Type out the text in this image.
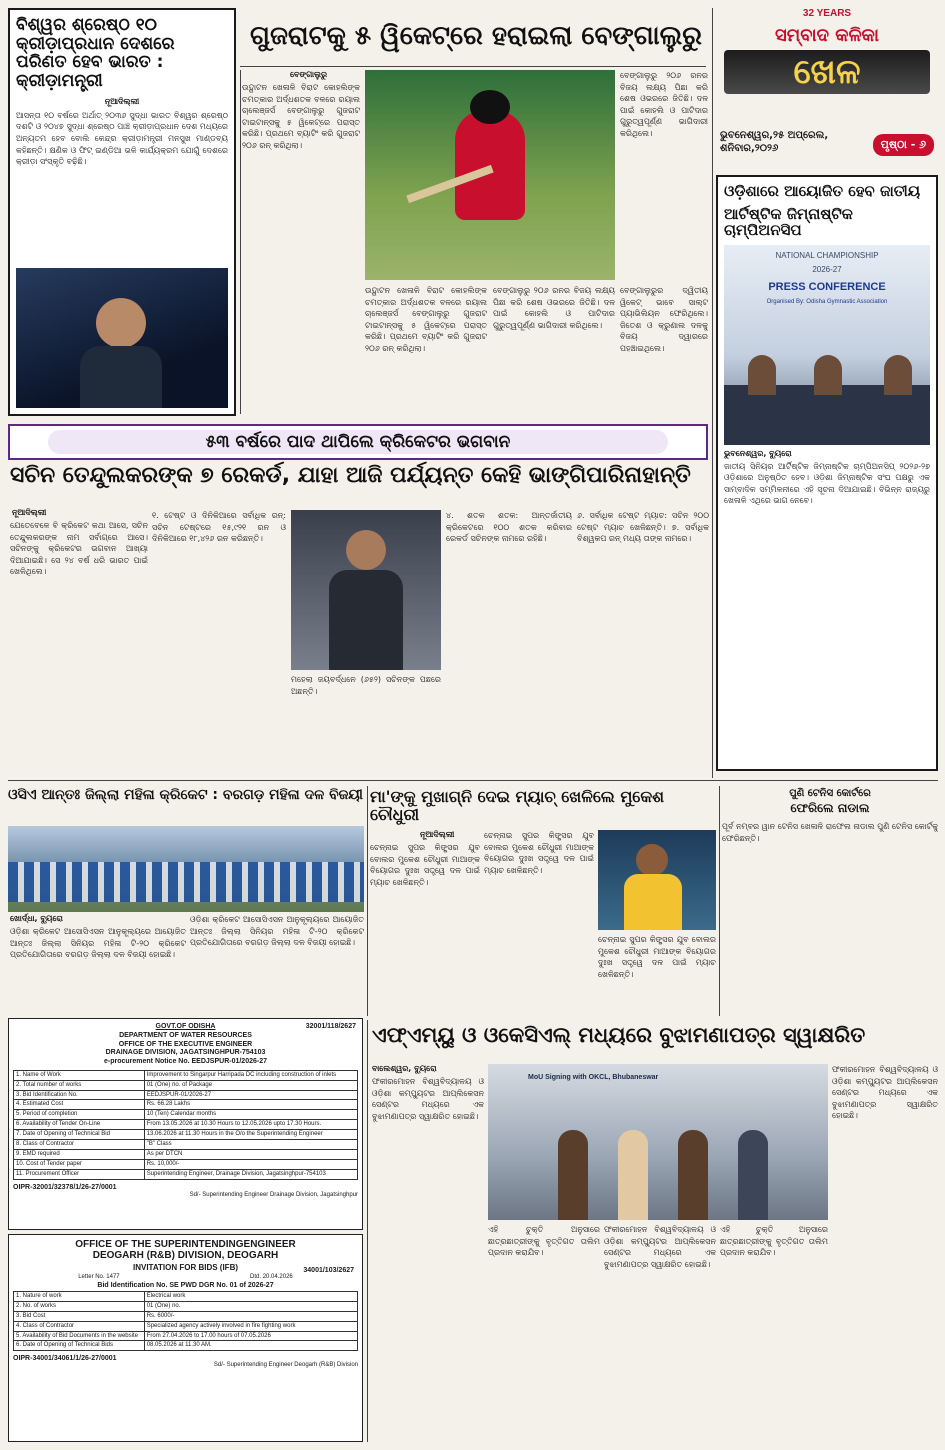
ବିଶ୍ୱର ଶ୍ରେଷ୍ଠ ୧୦ କ୍ରୀଡ଼ାପ୍ରଧାନ ଦେଶରେ ପରିଣତ ହେବ ଭାରତ : କ୍ରୀଡ଼ାମନ୍ତ୍ରୀ
ନୂଆଦିଲ୍ଲୀ
ଆସନ୍ତା ୧୦ ବର୍ଷରେ ଅର୍ଥାତ୍ ୨୦୩୬ ସୁଦ୍ଧା ଭାରତ ବିଶ୍ୱର ଶ୍ରେଷ୍ଠ ଦଶଟି ଓ ୨୦୪୭ ସୁଦ୍ଧା ଶ୍ରେଷ୍ଠ ପାଞ୍ଚ କ୍ରୀଡ଼ାପ୍ରଧାନ ଦେଶ ମଧ୍ୟରେ ଅନ୍ୟତମ ହେବ ବୋଲି କେନ୍ଦ୍ର କ୍ରୀଡ଼ାମନ୍ତ୍ରୀ ମନସୁଖ ମାଣ୍ଡବ୍ୟ କହିଛନ୍ତି। କ୍ଷଣିକ ଓ ଫିଟ୍ ଇଣ୍ଡିଆ ଭଳି କାର୍ଯ୍ୟକ୍ରମ ଯୋଗୁଁ ଦେଶରେ କ୍ରୀଡ଼ା ସଂସ୍କୃତି ବଢ଼ିଛି।
ଗୁଜରାଟକୁ ୫ ୱିକେଟ୍‌ରେ ହରାଇଲା ବେଙ୍ଗାଲୁରୁ
ବେଙ୍ଗାଲୁରୁ
ଉଦ୍ଘାଟନ ଖେଳାଳି ବିରାଟ କୋହଲିଙ୍କ ଚମତ୍କାର ଅର୍ଦ୍ଧଶତକ ବଳରେ ରୟାଲ ଚାଲେଞ୍ଜର୍ସ ବେଙ୍ଗାଲୁରୁ ଗୁଜରାଟ ଟାଇଟାନ୍ସକୁ ୫ ୱିକେଟ୍‌ରେ ପରାସ୍ତ କରିଛି। ପ୍ରଥମେ ବ୍ୟାଟିଂ କରି ଗୁଜରାଟ ୨୦୬ ରନ୍ କରିଥିଲା।
ବେଙ୍ଗାଲୁରୁ ୨୦୬ ରନର ବିଜୟ ଲକ୍ଷ୍ୟ ପିଛା କରି ଶେଷ ଓଭରରେ ଜିତିଛି। ଦଳ ପାଇଁ କୋହଲି ଓ ପାଟିଦାର ଗୁରୁତ୍ୱପୂର୍ଣ୍ଣ ଭାଗିଦାରୀ କରିଥିଲେ।
ବେଙ୍ଗାଲୁରୁର ଦ୍ୱିତୀୟ ୱିକେଟ୍ ଭାବେ ସାଲ୍ଟ ପ୍ୟାଭିଲିୟନ ଫେରିଥିଲେ। ଜିତେଶ ଓ କ୍ରୁଣାଲ ଦଳକୁ ବିଜୟ ଦ୍ୱାରରେ ପହଞ୍ଚାଇଥିଲେ।
ଉଦ୍ଘାଟନ ଖେଳାଳି ବିରାଟ କୋହଲିଙ୍କ ଚମତ୍କାର ଅର୍ଦ୍ଧଶତକ ବଳରେ ରୟାଲ ଚାଲେଞ୍ଜର୍ସ ବେଙ୍ଗାଲୁରୁ ଗୁଜରାଟ ଟାଇଟାନ୍ସକୁ ୫ ୱିକେଟ୍‌ରେ ପରାସ୍ତ କରିଛି। ପ୍ରଥମେ ବ୍ୟାଟିଂ କରି ଗୁଜରାଟ ୨୦୬ ରନ୍ କରିଥିଲା।
ବେଙ୍ଗାଲୁରୁ ୨୦୬ ରନର ବିଜୟ ଲକ୍ଷ୍ୟ ପିଛା କରି ଶେଷ ଓଭରରେ ଜିତିଛି। ଦଳ ପାଇଁ କୋହଲି ଓ ପାଟିଦାର ଗୁରୁତ୍ୱପୂର୍ଣ୍ଣ ଭାଗିଦାରୀ କରିଥିଲେ।
32 YEARS
ସମ୍ବାଦ କଳିକା
ଖେଳ
ଭୁବନେଶ୍ୱର,୨୫ ଅପ୍ରେଲ,
ଶନିବାର,୨୦୨୬	ପୃଷ୍ଠା - ୬
ଓଡ଼ିଶାରେ ଆୟୋଜିତ ହେବ ଜାତୀୟ
ଆର୍ଟିଷ୍ଟିକ ଜିମ୍ନାଷ୍ଟିକ ଚାମ୍ପିଅନସିପ
NATIONAL CHAMPIONSHIP
2026-27
PRESS CONFERENCE
Organised By: Odisha Gymnastic Association
ଭୁବନେଶ୍ୱର, ବ୍ୟୁରୋ
ଜାତୀୟ ସିନିୟର ଆର୍ଟିଷ୍ଟିକ ଜିମ୍ନାଷ୍ଟିକ ଚାମ୍ପିଅନସିପ୍ ୨୦୨୬-୨୭ ଓଡ଼ିଶାରେ ଅନୁଷ୍ଠିତ ହେବ। ଓଡ଼ିଶା ଜିମ୍ନାଷ୍ଟିକ ସଂଘ ପକ୍ଷରୁ ଏକ ସାମ୍ବାଦିକ ସମ୍ମିଳନୀରେ ଏହି ସୂଚନା ଦିଆଯାଇଛି। ବିଭିନ୍ନ ରାଜ୍ୟରୁ ଖେଳାଳି ଏଥିରେ ଭାଗ ନେବେ।
୫୩ ବର୍ଷରେ ପାଦ ଥାପିଲେ କ୍ରିକେଟର ଭଗବାନ
ସଚିନ ତେନ୍ଦୁଲକରଙ୍କ ୭ ରେକର୍ଡ, ଯାହା ଆଜି ପର୍ଯ୍ୟନ୍ତ କେହି ଭାଙ୍ଗିପାରିନାହାନ୍ତି
ନୂଆଦିଲ୍ଲୀ
ଯେତେବେଳେ ବି କ୍ରିକେଟ କଥା ଆସେ, ସଚିନ ତେନ୍ଦୁଲକରଙ୍କ ନାମ ସର୍ବାଗ୍ରେ ଆସେ। ସଚିନଙ୍କୁ କ୍ରିକେଟର ଭଗବାନ ଆଖ୍ୟା ଦିଆଯାଇଛି। ସେ ୨୪ ବର୍ଷ ଧରି ଭାରତ ପାଇଁ ଖେଳିଥିଲେ।
୧. ଟେଷ୍ଟ ଓ ଦିନିକିଆରେ ସର୍ବାଧିକ ରନ୍: ସଚିନ ଟେଷ୍ଟରେ ୧୫,୯୨୧ ରନ ଓ ଦିନିକିଆରେ ୧୮,୪୨୬ ରନ କରିଛନ୍ତି।
ମହେଲା ଜୟବର୍ଦ୍ଧନେ (୬୫୨) ସଚିନଙ୍କ ପଛରେ ଅଛନ୍ତି।
୪. ଶତକ ଶତକ: ଆନ୍ତର୍ଜାତୀୟ କ୍ରିକେଟରେ ୧୦୦ ଶତକ କରିବାର ରେକର୍ଡ ସଚିନଙ୍କ ନାମରେ ରହିଛି।
୬. ସର୍ବାଧିକ ଟେଷ୍ଟ ମ୍ୟାଚ: ସଚିନ ୨୦୦ ଟେଷ୍ଟ ମ୍ୟାଚ ଖେଳିଛନ୍ତି। ୭. ସର୍ବାଧିକ ବିଶ୍ୱକପ ରନ୍ ମଧ୍ୟ ତାଙ୍କ ନାମରେ।
ଓସିଏ ଆନ୍ତଃ ଜିଲ୍ଲା ମହିଳା କ୍ରିକେଟ : ବରଗଡ଼ ମହିଳା ଦଳ ବିଜୟୀ
ଖୋର୍ଦ୍ଧା, ବ୍ୟୁରୋ
ଓଡ଼ିଶା କ୍ରିକେଟ ଆସୋସିଏସନ ଆନୁକୂଲ୍ୟରେ ଆୟୋଜିତ ଆନ୍ତଃ ଜିଲ୍ଲା ସିନିୟର ମହିଳା ଟି-୨୦ କ୍ରିକେଟ ପ୍ରତିଯୋଗିତାରେ ବରଗଡ଼ ଜିଲ୍ଲା ଦଳ ବିଜୟୀ ହୋଇଛି।
ଓଡ଼ିଶା କ୍ରିକେଟ ଆସୋସିଏସନ ଆନୁକୂଲ୍ୟରେ ଆୟୋଜିତ ଆନ୍ତଃ ଜିଲ୍ଲା ସିନିୟର ମହିଳା ଟି-୨୦ କ୍ରିକେଟ ପ୍ରତିଯୋଗିତାରେ ବରଗଡ଼ ଜିଲ୍ଲା ଦଳ ବିଜୟୀ ହୋଇଛି।
ମା'ଙ୍କୁ ମୁଖାଗ୍ନି ଦେଇ ମ୍ୟାଚ୍ ଖେଳିଲେ ମୁକେଶ ଚୌଧୁରୀ
ନୂଆଦିଲ୍ଲୀ
ଚେନ୍ନାଇ ସୁପର କିଙ୍ଗ୍ସର ଯୁବ ବୋଲର ମୁକେଶ ଚୌଧୁରୀ ମାଆଙ୍କ ବିୟୋଗର ଦୁଃଖ ସତ୍ତ୍ୱେ ଦଳ ପାଇଁ ମ୍ୟାଚ ଖେଳିଛନ୍ତି।
ଚେନ୍ନାଇ ସୁପର କିଙ୍ଗ୍ସର ଯୁବ ବୋଲର ମୁକେଶ ଚୌଧୁରୀ ମାଆଙ୍କ ବିୟୋଗର ଦୁଃଖ ସତ୍ତ୍ୱେ ଦଳ ପାଇଁ ମ୍ୟାଚ ଖେଳିଛନ୍ତି।
ଚେନ୍ନାଇ ସୁପର କିଙ୍ଗ୍ସର ଯୁବ ବୋଲର ମୁକେଶ ଚୌଧୁରୀ ମାଆଙ୍କ ବିୟୋଗର ଦୁଃଖ ସତ୍ତ୍ୱେ ଦଳ ପାଇଁ ମ୍ୟାଚ ଖେଳିଛନ୍ତି।
ପୁଣି ଟେନିସ କୋର୍ଟରେ
ଫେରିଲେ ନାଡାଲ
ପୂର୍ବ ନମ୍ବର ୱାନ ଟେନିସ ଖେଳାଳି ରାଫେଲ ନାଡାଲ ପୁଣି ଟେନିସ କୋର୍ଟକୁ ଫେରିଛନ୍ତି।
32001/118/2627
GOVT.OF ODISHA
DEPARTMENT OF WATER RESOURCES
OFFICE OF THE EXECUTIVE ENGINEER
DRAINAGE DIVISION, JAGATSINGHPUR-754103
e-procurement Notice No. EEDJSPUR-01/2026-27
1. Name of Work	Improvement to Singarpur Harripada DC including construction of inlets
2. Total number of works	01 (One) no. of Package
3. Bid Identification No.	EEDJSPUR-01/2026-27
4. Estimated Cost	Rs. 66.28 Lakhs
5. Period of completion	10 (Ten) Calendar months
6. Availability of Tender On-Line	From 13.05.2026 at 10.30 Hours to 12.05.2026 upto 17.30 Hours.
7. Date of Opening of Technical Bid	13.06.2026 at 11.30 Hours in the O/o the Superintending Engineer
8. Class of Contractor	"B" Class
9. EMD required	As per DTCN
10. Cost of Tender paper	Rs. 10,000/-
11. Procurement Officer	Superintending Engineer, Drainage Division, Jagatsinghpur-754103
OIPR-32001/32378/1/26-27/0001
Sd/- Superintending Engineer Drainage Division, Jagatsinghpur
OFFICE OF THE SUPERINTENDINGENGINEER
DEOGARH (R&B) DIVISION, DEOGARH
INVITATION FOR BIDS (IFB)	34001/103/2627
Letter No. 1477	Dtd. 20.04.2026
Bid Identification No. SE PWD DGR No. 01 of 2026-27
1. Nature of work	Electrical work
2. No. of works	01 (One) no.
3. Bid Cost	Rs. 6000/-
4. Class of Contractor	Specialized agency actively involved in fire fighting work
5. Availability of Bid Documents in the website	From 27.04.2026 to 17.00 hours of 07.05.2026
6. Date of Opening of Technical Bids	08.05.2026 at 11.30 AM.
OIPR-34001/34061/1/26-27/0001
Sd/- Superintending Engineer Deogarh (R&B) Division
ଏଫ୍‌ଏମ୍‌ୟୁ ଓ ଓକେସିଏଲ୍ ମଧ୍ୟରେ ବୁଝାମଣାପତ୍ର ସ୍ୱାକ୍ଷରିତ
ବାଲେଶ୍ୱର, ବ୍ୟୁରୋ
ଫକୀରମୋହନ ବିଶ୍ୱବିଦ୍ୟାଳୟ ଓ ଓଡ଼ିଶା କମ୍ପ୍ୟୁଟର ଆପ୍ଲିକେସନ ସେଣ୍ଟର ମଧ୍ୟରେ ଏକ ବୁଝାମଣାପତ୍ର ସ୍ୱାକ୍ଷରିତ ହୋଇଛି।
MoU Signing with OKCL, Bhubaneswar
ଏହି ଚୁକ୍ତି ଅନୁସାରେ ଛାତ୍ରଛାତ୍ରୀଙ୍କୁ ବୃତ୍ତିଗତ ତାଲିମ ପ୍ରଦାନ କରାଯିବ।
ଫକୀରମୋହନ ବିଶ୍ୱବିଦ୍ୟାଳୟ ଓ ଓଡ଼ିଶା କମ୍ପ୍ୟୁଟର ଆପ୍ଲିକେସନ ସେଣ୍ଟର ମଧ୍ୟରେ ଏକ ବୁଝାମଣାପତ୍ର ସ୍ୱାକ୍ଷରିତ ହୋଇଛି।
ଏହି ଚୁକ୍ତି ଅନୁସାରେ ଛାତ୍ରଛାତ୍ରୀଙ୍କୁ ବୃତ୍ତିଗତ ତାଲିମ ପ୍ରଦାନ କରାଯିବ।
ଫକୀରମୋହନ ବିଶ୍ୱବିଦ୍ୟାଳୟ ଓ ଓଡ଼ିଶା କମ୍ପ୍ୟୁଟର ଆପ୍ଲିକେସନ ସେଣ୍ଟର ମଧ୍ୟରେ ଏକ ବୁଝାମଣାପତ୍ର ସ୍ୱାକ୍ଷରିତ ହୋଇଛି।
